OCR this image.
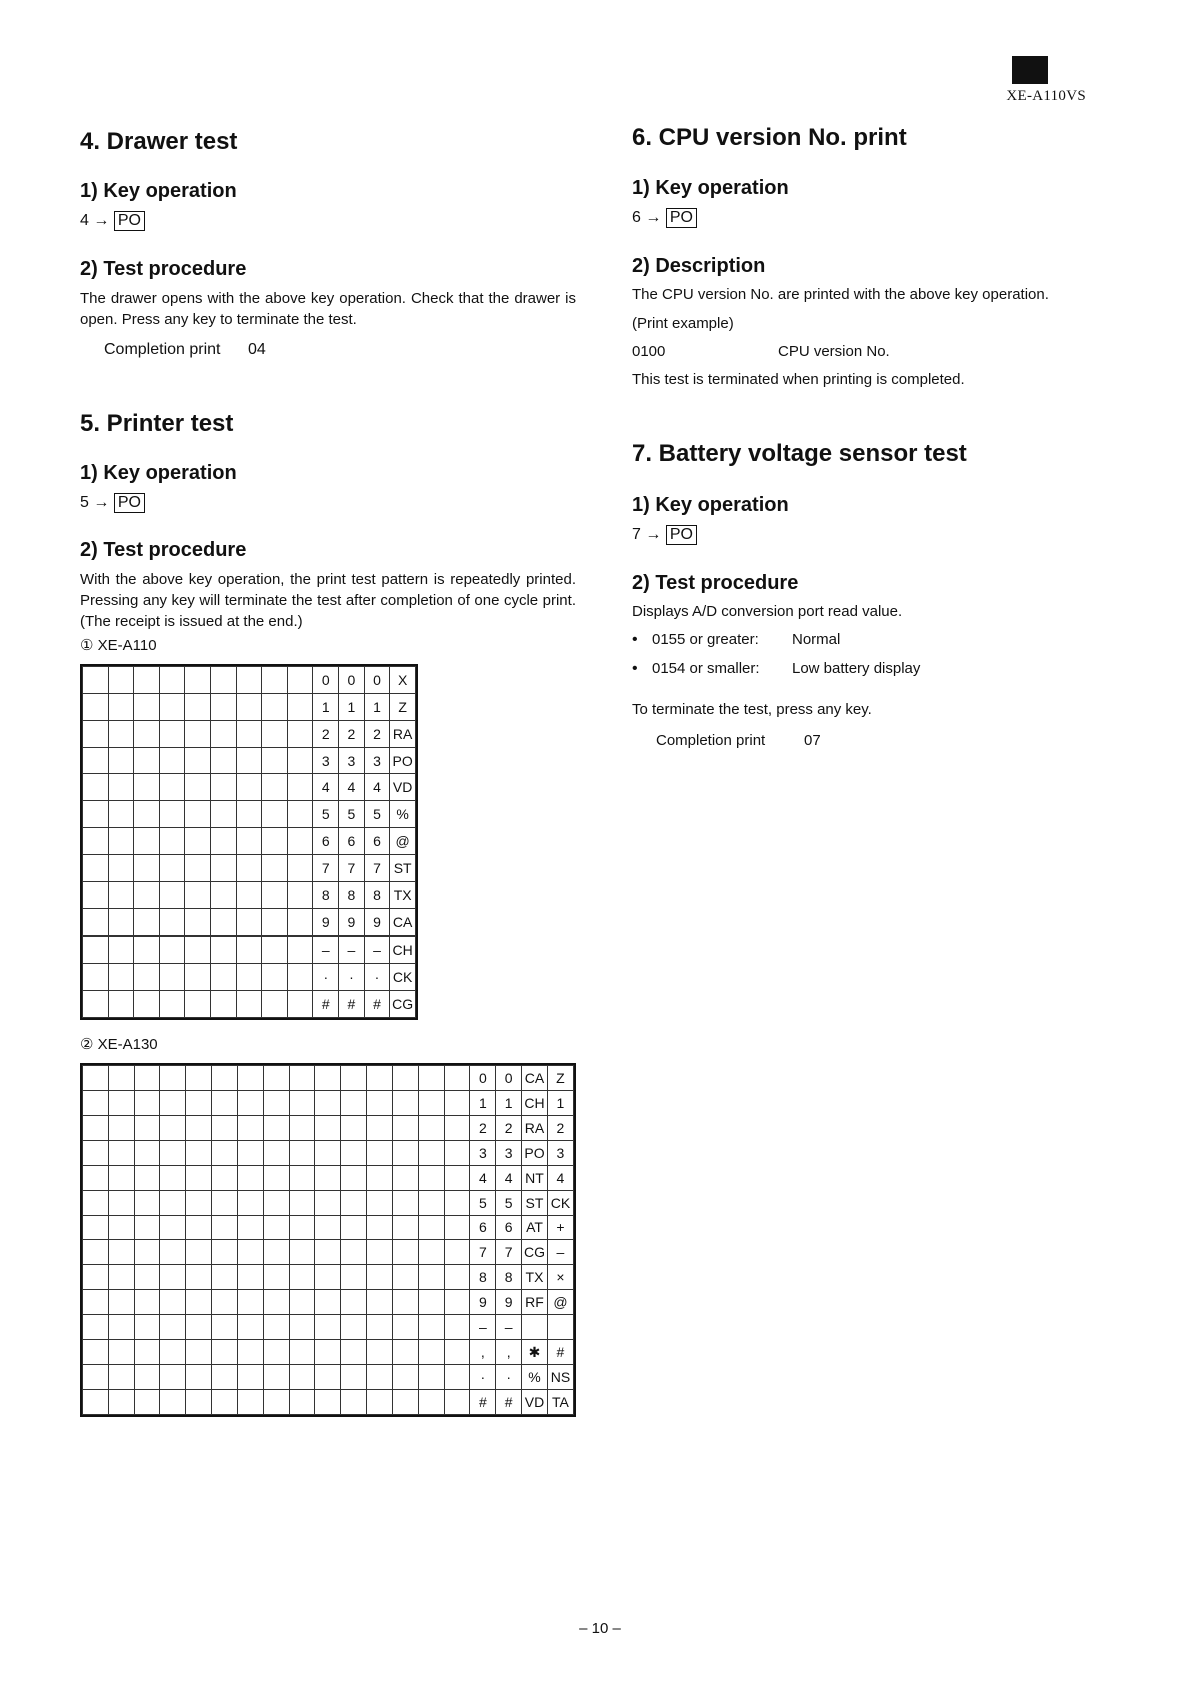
XE-A110VS
4. Drawer test
1) Key operation
4 → PO
2) Test procedure
The drawer opens with the above key operation. Check that the drawer is open. Press any key to terminate the test.
Completion print 04
5. Printer test
1) Key operation
5 → PO
2) Test procedure
With the above key operation, the print test pattern is repeatedly printed. Pressing any key will terminate the test after completion of one cycle print. (The receipt is issued at the end.)
① XE-A110
									0	0	0	X
									1	1	1	Z
									2	2	2	RA
									3	3	3	PO
									4	4	4	VD
									5	5	5	%
									6	6	6	@
									7	7	7	ST
									8	8	8	TX
									9	9	9	CA

									–	–	–	CH
									·	·	·	CK
									#	#	#	CG
② XE-A130
															0	0	CA	Z
															1	1	CH	1
															2	2	RA	2
															3	3	PO	3
															4	4	NT	4
															5	5	ST	CK
															6	6	AT	+
															7	7	CG	–
															8	8	TX	×
															9	9	RF	@
															–	–		
															,	,	✱	#
															·	·	%	NS
															#	#	VD	TA
6. CPU version No. print
1) Key operation
6 → PO
2) Description
The CPU version No. are printed with the above key operation.
(Print example)
0100	CPU version No.
This test is terminated when printing is completed.
7. Battery voltage sensor test
1) Key operation
7 → PO
2) Test procedure
Displays A/D conversion port read value.
• 0155 or greater: Normal
• 0154 or smaller: Low battery display
To terminate the test, press any key.
Completion print	07
– 10 –
